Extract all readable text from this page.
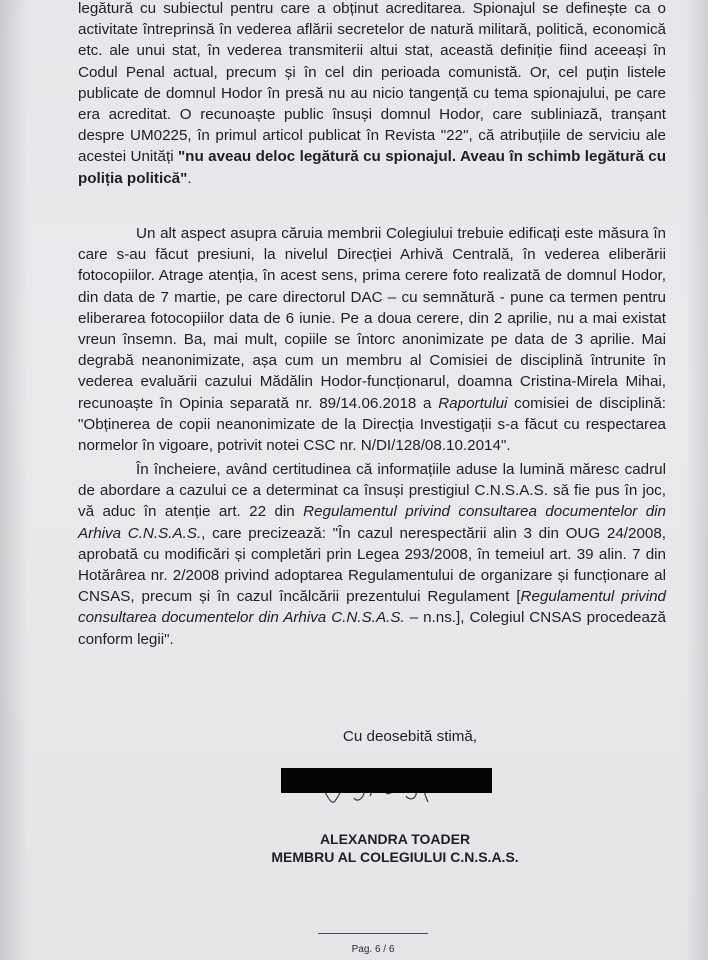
legătură cu subiectul pentru care a obținut acreditarea. Spionajul se definește ca o activitate întreprinsă în vederea aflării secretelor de natură militară, politică, economică etc. ale unui stat, în vederea transmiterii altui stat, această definiție fiind aceeași în Codul Penal actual, precum și în cel din perioada comunistă. Or, cel puțin listele publicate de domnul Hodor în presă nu au nicio tangență cu tema spionajului, pe care era acreditat. O recunoaște public însuși domnul Hodor, care subliniază, tranșant despre UM0225, în primul articol publicat în Revista "22", că atribuțiile de serviciu ale acestei Unități "nu aveau deloc legătură cu spionajul. Aveau în schimb legătură cu poliția politică".
Un alt aspect asupra căruia membrii Colegiului trebuie edificați este măsura în care s-au făcut presiuni, la nivelul Direcției Arhivă Centrală, în vederea eliberării fotocopiilor. Atrage atenția, în acest sens, prima cerere foto realizată de domnul Hodor, din data de 7 martie, pe care directorul DAC – cu semnătură - pune ca termen pentru eliberarea fotocopiilor data de 6 iunie. Pe a doua cerere, din 2 aprilie, nu a mai existat vreun însemn. Ba, mai mult, copiile se întorc anonimizate pe data de 3 aprilie. Mai degrabă neanonimizate, așa cum un membru al Comisiei de disciplină întrunite în vederea evaluării cazului Mădălin Hodor-funcționarul, doamna Cristina-Mirela Mihai, recunoaște în Opinia separată nr. 89/14.06.2018 a Raportului comisiei de disciplină: "Obținerea de copii neanonimizate de la Direcția Investigații s-a făcut cu respectarea normelor în vigoare, potrivit notei CSC nr. N/DI/128/08.10.2014".
În încheiere, având certitudinea că informațiile aduse la lumină măresc cadrul de abordare a cazului ce a determinat ca însuși prestigiul C.N.S.A.S. să fie pus în joc, vă aduc în atenție art. 22 din Regulamentul privind consultarea documentelor din Arhiva C.N.S.A.S., care precizează: "În cazul nerespectării alin 3 din OUG 24/2008, aprobată cu modificări și completări prin Legea 293/2008, în temeiul art. 39 alin. 7 din Hotărârea nr. 2/2008 privind adoptarea Regulamentului de organizare și funcționare al CNSAS, precum și în cazul încălcării prezentului Regulament [Regulamentul privind consultarea documentelor din Arhiva C.N.S.A.S. – n.ns.], Colegiul CNSAS procedează conform legii".
Cu deosebită stimă,
ALEXANDRA TOADER
MEMBRU AL COLEGIULUI C.N.S.A.S.
Pag. 6 / 6
